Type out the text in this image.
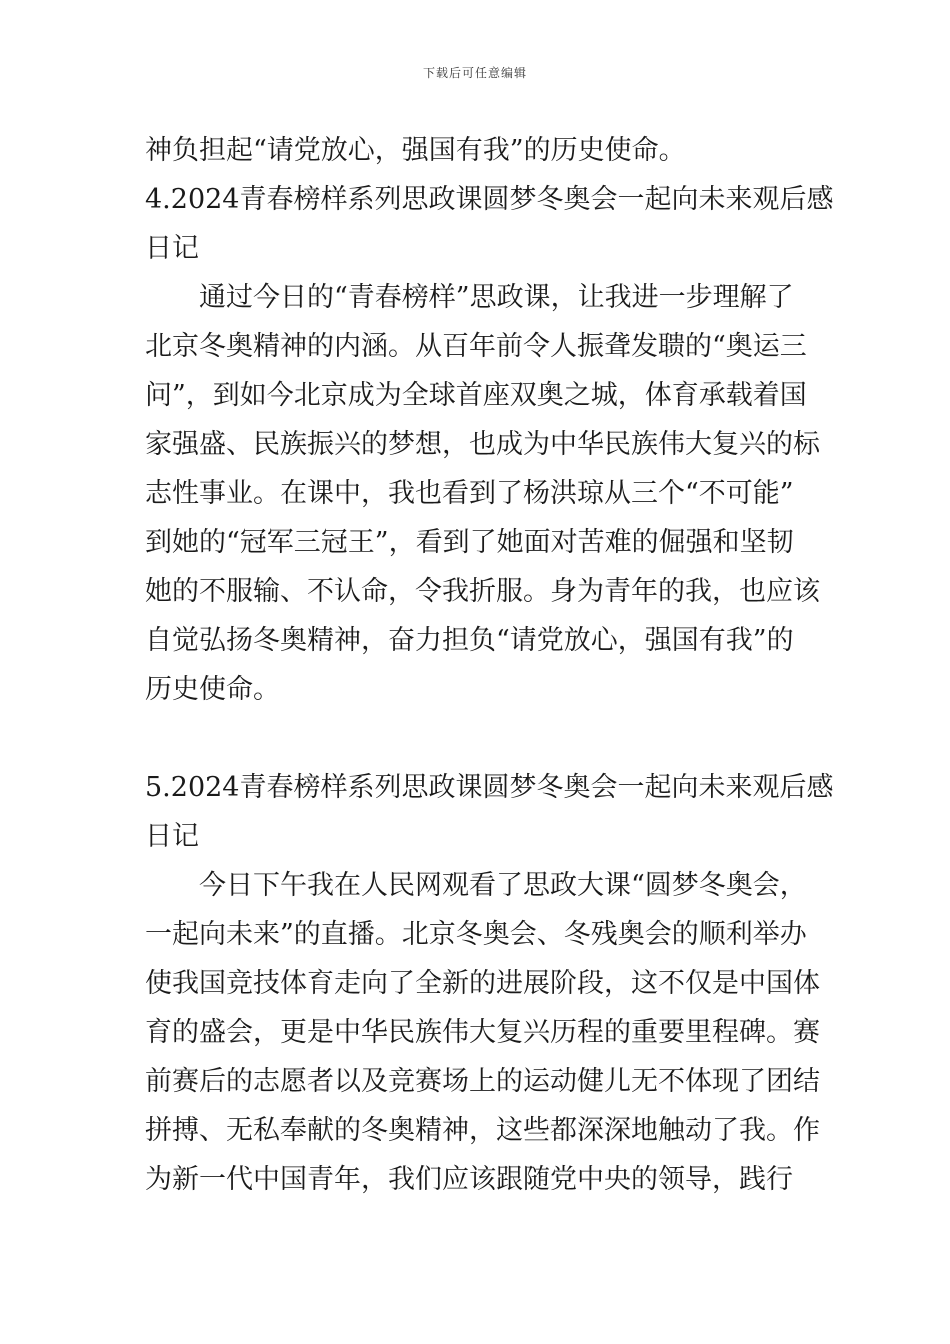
下载后可任意编辑
神负担起“请党放心，强国有我”的历史使命。
4.2024青春榜样系列思政课圆梦冬奥会一起向未来观后感
日记
通过今日的“青春榜样”思政课，让我进一步理解了
北京冬奥精神的内涵。从百年前令人振聋发聩的“奥运三
问”，到如今北京成为全球首座双奥之城，体育承载着国
家强盛、民族振兴的梦想，也成为中华民族伟大复兴的标
志性事业。在课中，我也看到了杨洪琼从三个“不可能”
到她的“冠军三冠王”，看到了她面对苦难的倔强和坚韧
她的不服输、不认命，令我折服。身为青年的我，也应该
自觉弘扬冬奥精神，奋力担负“请党放心，强国有我”的
历史使命。
5.2024青春榜样系列思政课圆梦冬奥会一起向未来观后感
日记
今日下午我在人民网观看了思政大课“圆梦冬奥会，
一起向未来”的直播。北京冬奥会、冬残奥会的顺利举办
使我国竞技体育走向了全新的进展阶段，这不仅是中国体
育的盛会，更是中华民族伟大复兴历程的重要里程碑。赛
前赛后的志愿者以及竞赛场上的运动健儿无不体现了团结
拼搏、无私奉献的冬奥精神，这些都深深地触动了我。作
为新一代中国青年，我们应该跟随党中央的领导，践行
